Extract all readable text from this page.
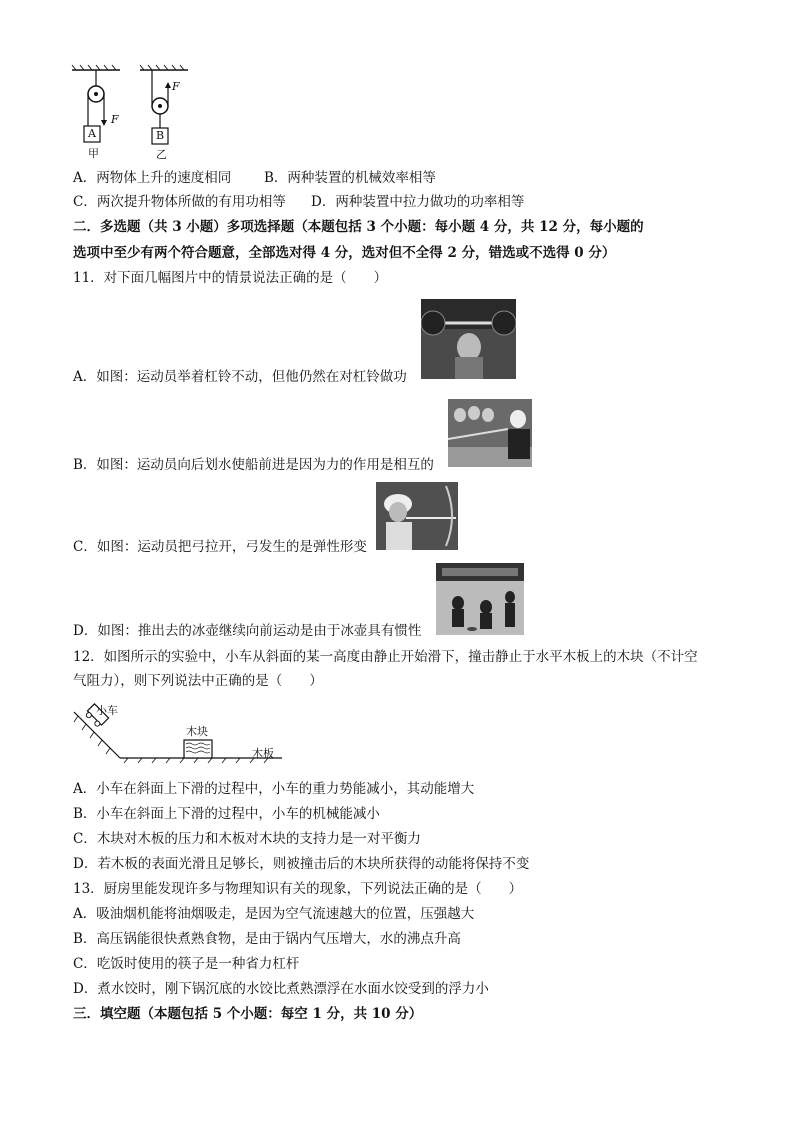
A	B
F
F
甲	乙
A．两物体上升的速度相同 B．两种装置的机械效率相等
C．两次提升物体所做的有用功相等 D．两种装置中拉力做功的功率相等
二．多选题（共 3 小题）多项选择题（本题包括 3 个小题：每小题 4 分，共 12 分，每小题的
选项中至少有两个符合题意，全部选对得 4 分，选对但不全得 2 分，错选或不选得 0 分）
11．对下面几幅图片中的情景说法正确的是（　　）
A．如图：运动员举着杠铃不动，但他仍然在对杠铃做功
B．如图：运动员向后划水使船前进是因为力的作用是相互的
C．如图：运动员把弓拉开，弓发生的是弹性形变
D．如图：推出去的冰壶继续向前运动是由于冰壶具有惯性
12．如图所示的实验中，小车从斜面的某一高度由静止开始滑下，撞击静止于水平木板上的木块（不计空
气阻力），则下列说法中正确的是（　　）
小车
木块
木板
A．小车在斜面上下滑的过程中，小车的重力势能减小，其动能增大
B．小车在斜面上下滑的过程中，小车的机械能减小
C．木块对木板的压力和木板对木块的支持力是一对平衡力
D．若木板的表面光滑且足够长，则被撞击后的木块所获得的动能将保持不变
13．厨房里能发现许多与物理知识有关的现象，下列说法正确的是（　　）
A．吸油烟机能将油烟吸走，是因为空气流速越大的位置，压强越大
B．高压锅能很快煮熟食物，是由于锅内气压增大，水的沸点升高
C．吃饭时使用的筷子是一种省力杠杆
D．煮水饺时，刚下锅沉底的水饺比煮熟漂浮在水面水饺受到的浮力小
三．填空题（本题包括 5 个小题：每空 1 分，共 10 分）
